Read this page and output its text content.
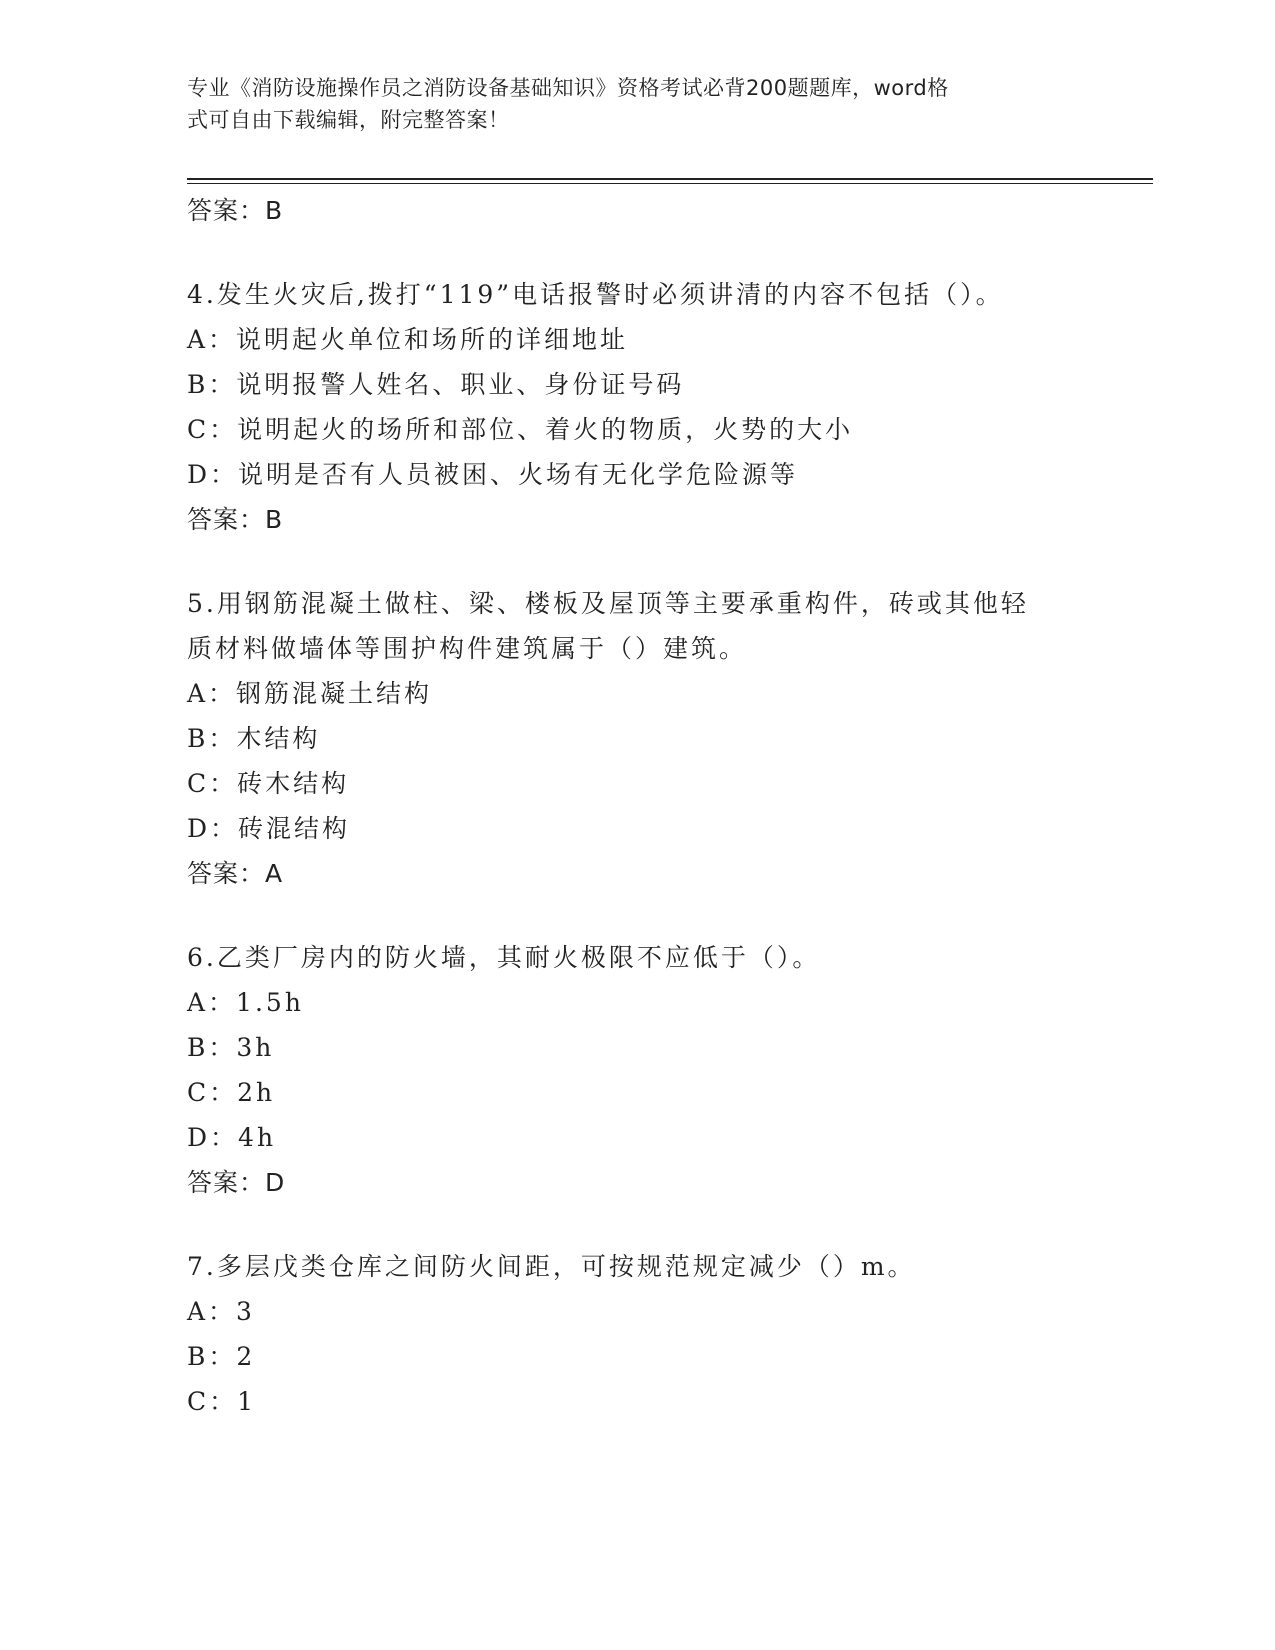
专业《消防设施操作员之消防设备基础知识》资格考试必背200题题库，word格
式可自由下载编辑，附完整答案！
答案：B
4.发生火灾后,拨打“119”电话报警时必须讲清的内容不包括（）。
A：说明起火单位和场所的详细地址
B：说明报警人姓名、职业、身份证号码
C：说明起火的场所和部位、着火的物质，火势的大小
D：说明是否有人员被困、火场有无化学危险源等
答案：B
5.用钢筋混凝土做柱、梁、楼板及屋顶等主要承重构件，砖或其他轻
质材料做墙体等围护构件建筑属于（）建筑。
A：钢筋混凝土结构
B：木结构
C：砖木结构
D：砖混结构
答案：A
6.乙类厂房内的防火墙，其耐火极限不应低于（）。
A：1.5h
B：3h
C：2h
D：4h
答案：D
7.多层戊类仓库之间防火间距，可按规范规定减少（）m。
A：3
B：2
C：1
